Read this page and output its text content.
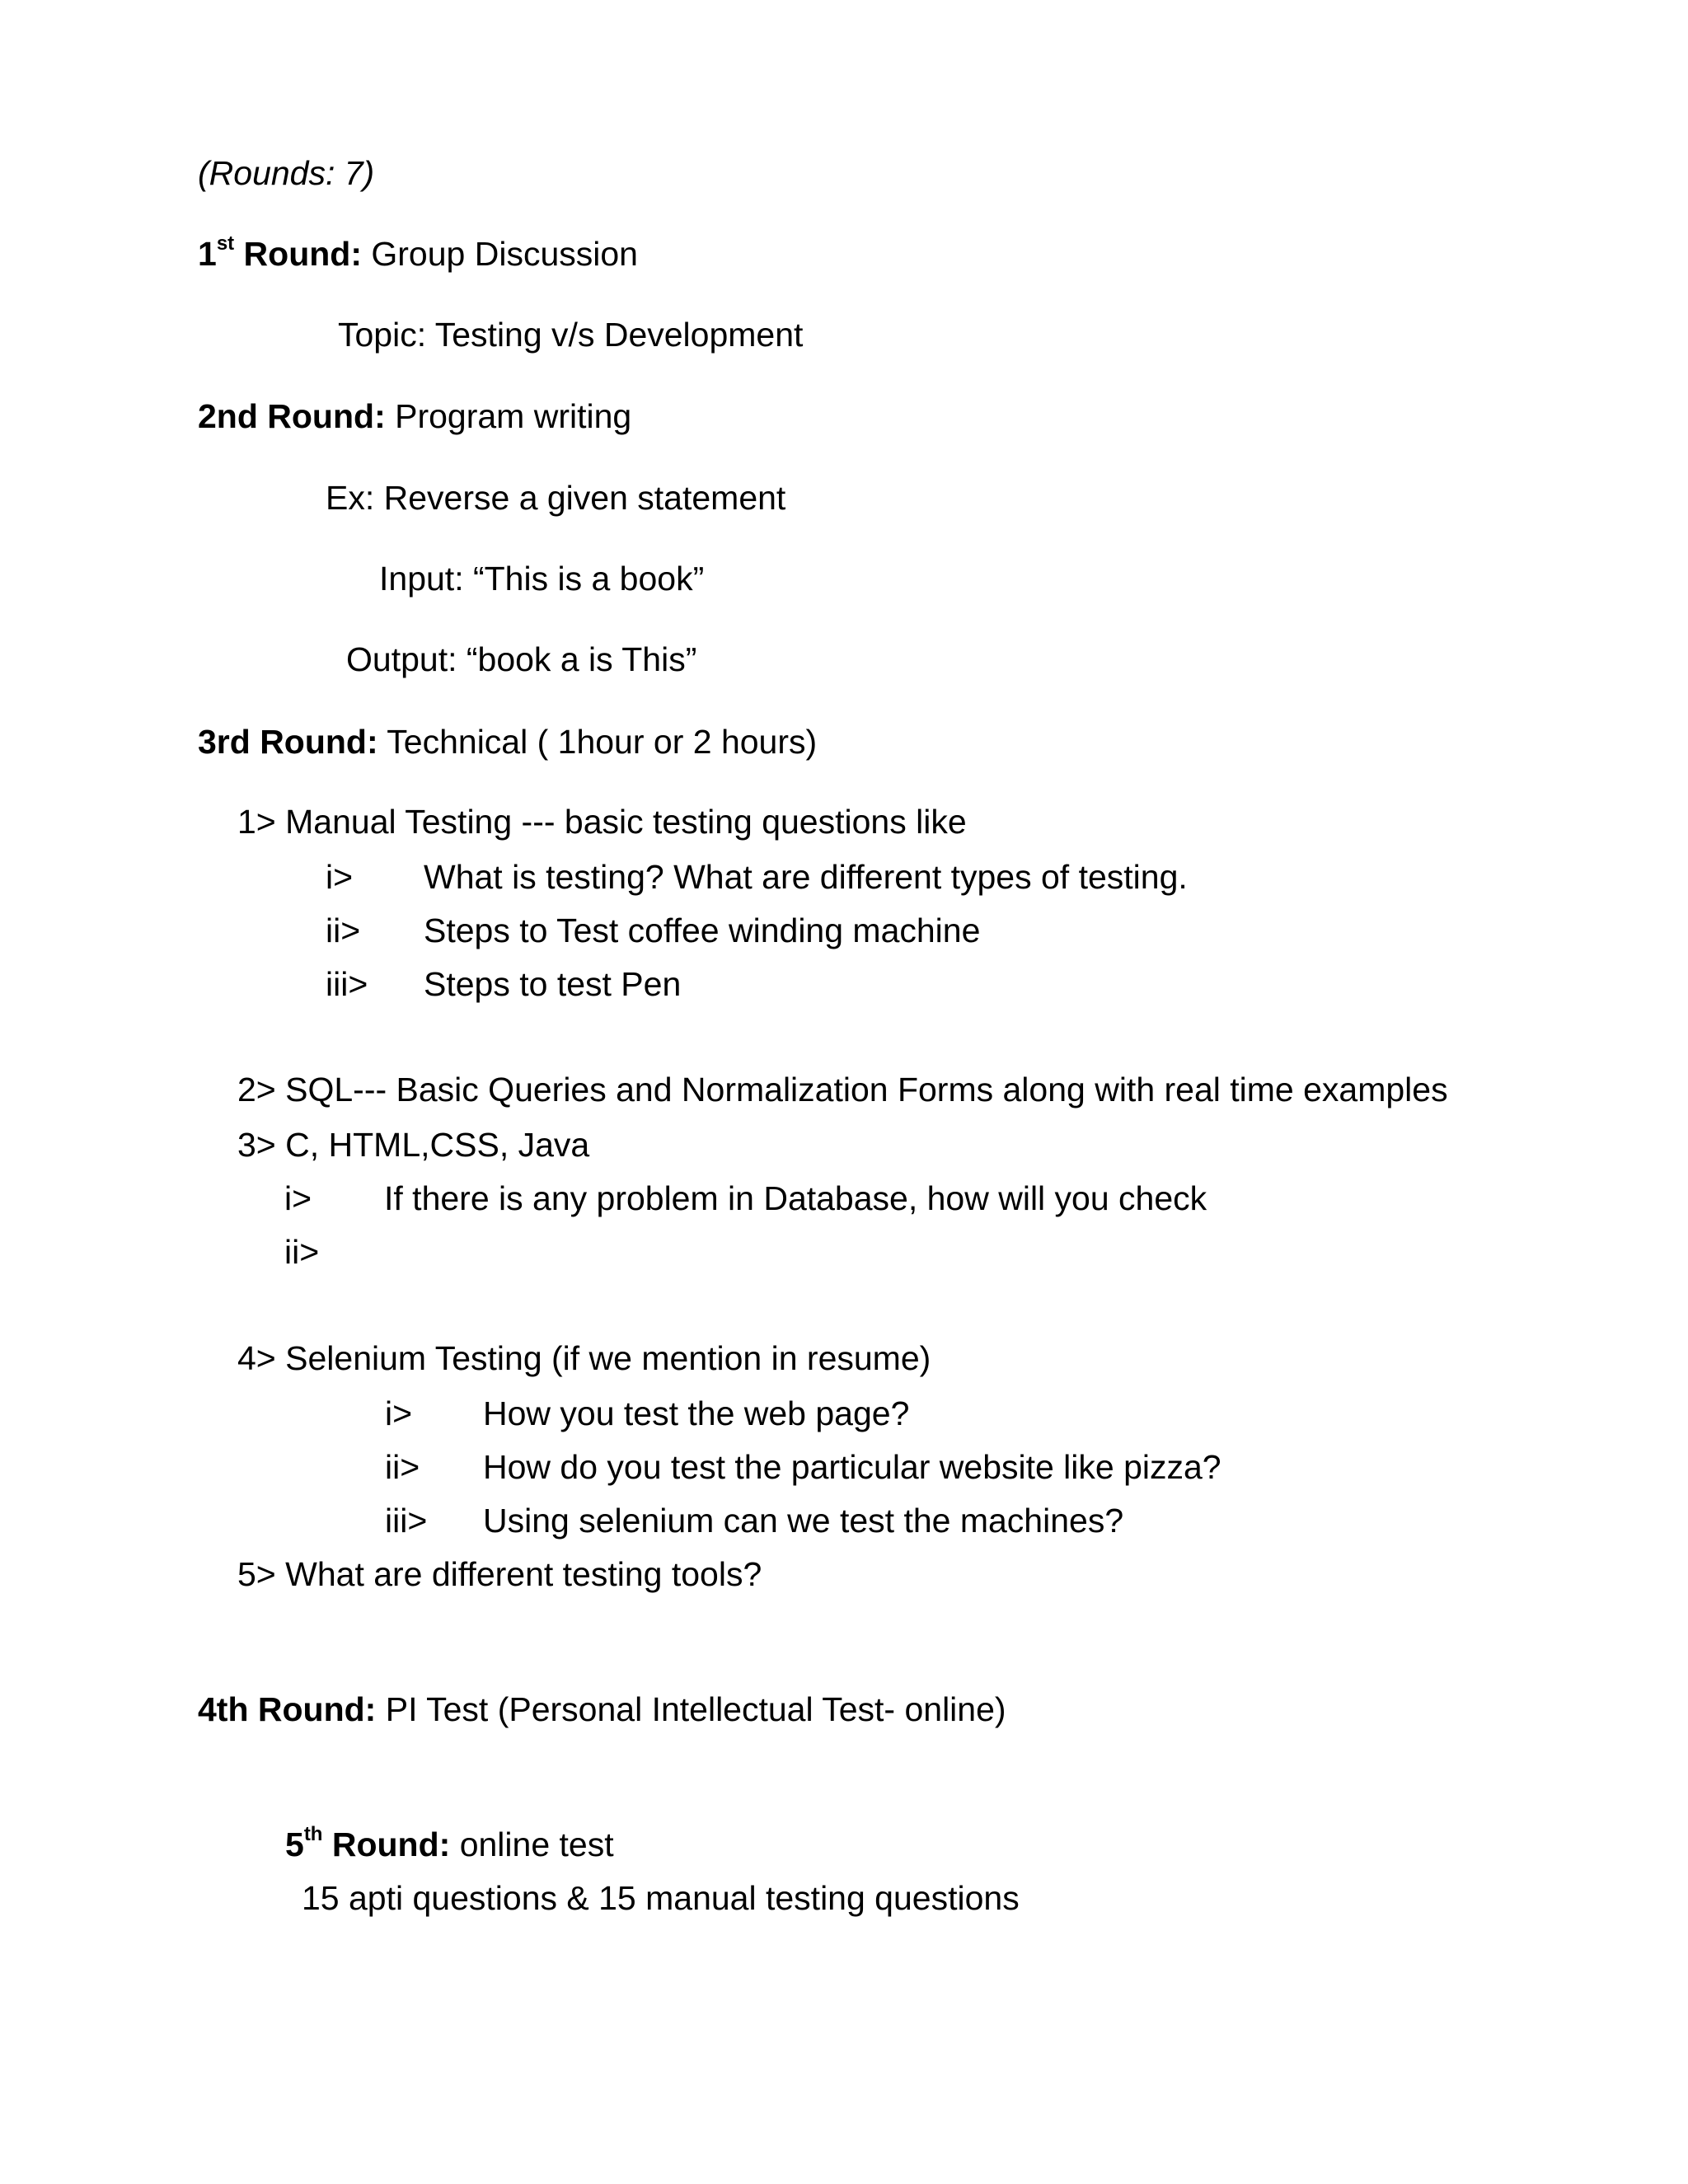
(Rounds: 7)
1st Round: Group Discussion
Topic: Testing v/s Development
2nd Round: Program writing
Ex: Reverse a given statement
Input: “This is a book”
Output: “book a is This”
3rd Round: Technical ( 1hour or 2 hours)
1> Manual Testing --- basic testing questions like
i> What is testing? What are different types of testing.
ii> Steps to Test coffee winding machine
iii> Steps to test Pen
2> SQL--- Basic Queries and Normalization Forms along with real time examples
3> C, HTML,CSS, Java
i> If there is any problem in Database, how will you check
ii>
4> Selenium Testing (if we mention in resume)
i> How you test the web page?
ii> How do you test the particular website like pizza?
iii> Using selenium can we test the machines?
5> What are different testing tools?
4th Round: PI Test (Personal Intellectual Test- online)
5th Round: online test
15 apti questions & 15 manual testing questions
